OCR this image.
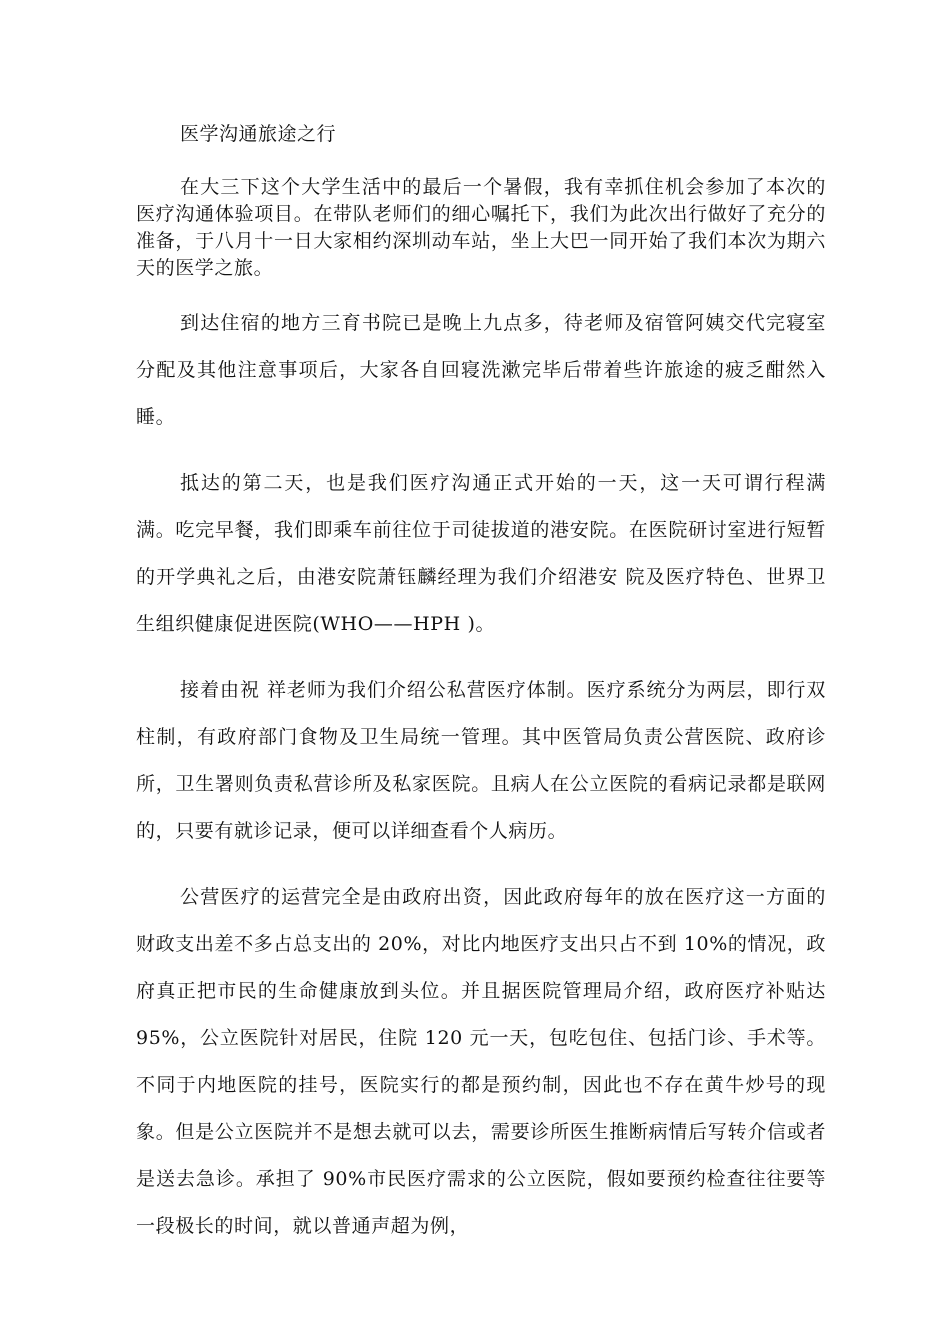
医学沟通旅途之行

在大三下这个大学生活中的最后一个暑假，我有幸抓住机会参加了本次的医疗沟通体验项目。在带队老师们的细心嘱托下，我们为此次出行做好了充分的准备，于八月十一日大家相约深圳动车站，坐上大巴一同开始了我们本次为期六天的医学之旅。

到达住宿的地方三育书院已是晚上九点多，待老师及宿管阿姨交代完寝室分配及其他注意事项后，大家各自回寝洗漱完毕后带着些许旅途的疲乏酣然入睡。

抵达的第二天，也是我们医疗沟通正式开始的一天，这一天可谓行程满满。吃完早餐，我们即乘车前往位于司徒拔道的港安院。在医院研讨室进行短暂的开学典礼之后，由港安院萧钰麟经理为我们介绍港安 院及医疗特色、世界卫生组织健康促进医院(WHO——HPH )。

接着由祝 祥老师为我们介绍公私营医疗体制。医疗系统分为两层，即行双柱制，有政府部门食物及卫生局统一管理。其中医管局负责公营医院、政府诊所，卫生署则负责私营诊所及私家医院。且病人在公立医院的看病记录都是联网的，只要有就诊记录，便可以详细查看个人病历。

公营医疗的运营完全是由政府出资，因此政府每年的放在医疗这一方面的财政支出差不多占总支出的 20%，对比内地医疗支出只占不到 10%的情况，政府真正把市民的生命健康放到头位。并且据医院管理局介绍，政府医疗补贴达 95%，公立医院针对居民，住院 120 元一天，包吃包住、包括门诊、手术等。不同于内地医院的挂号，医院实行的都是预约制，因此也不存在黄牛炒号的现象。但是公立医院并不是想去就可以去，需要诊所医生推断病情后写转介信或者是送去急诊。承担了 90%市民医疗需求的公立医院，假如要预约检查往往要等一段极长的时间，就以普通声超为例，
